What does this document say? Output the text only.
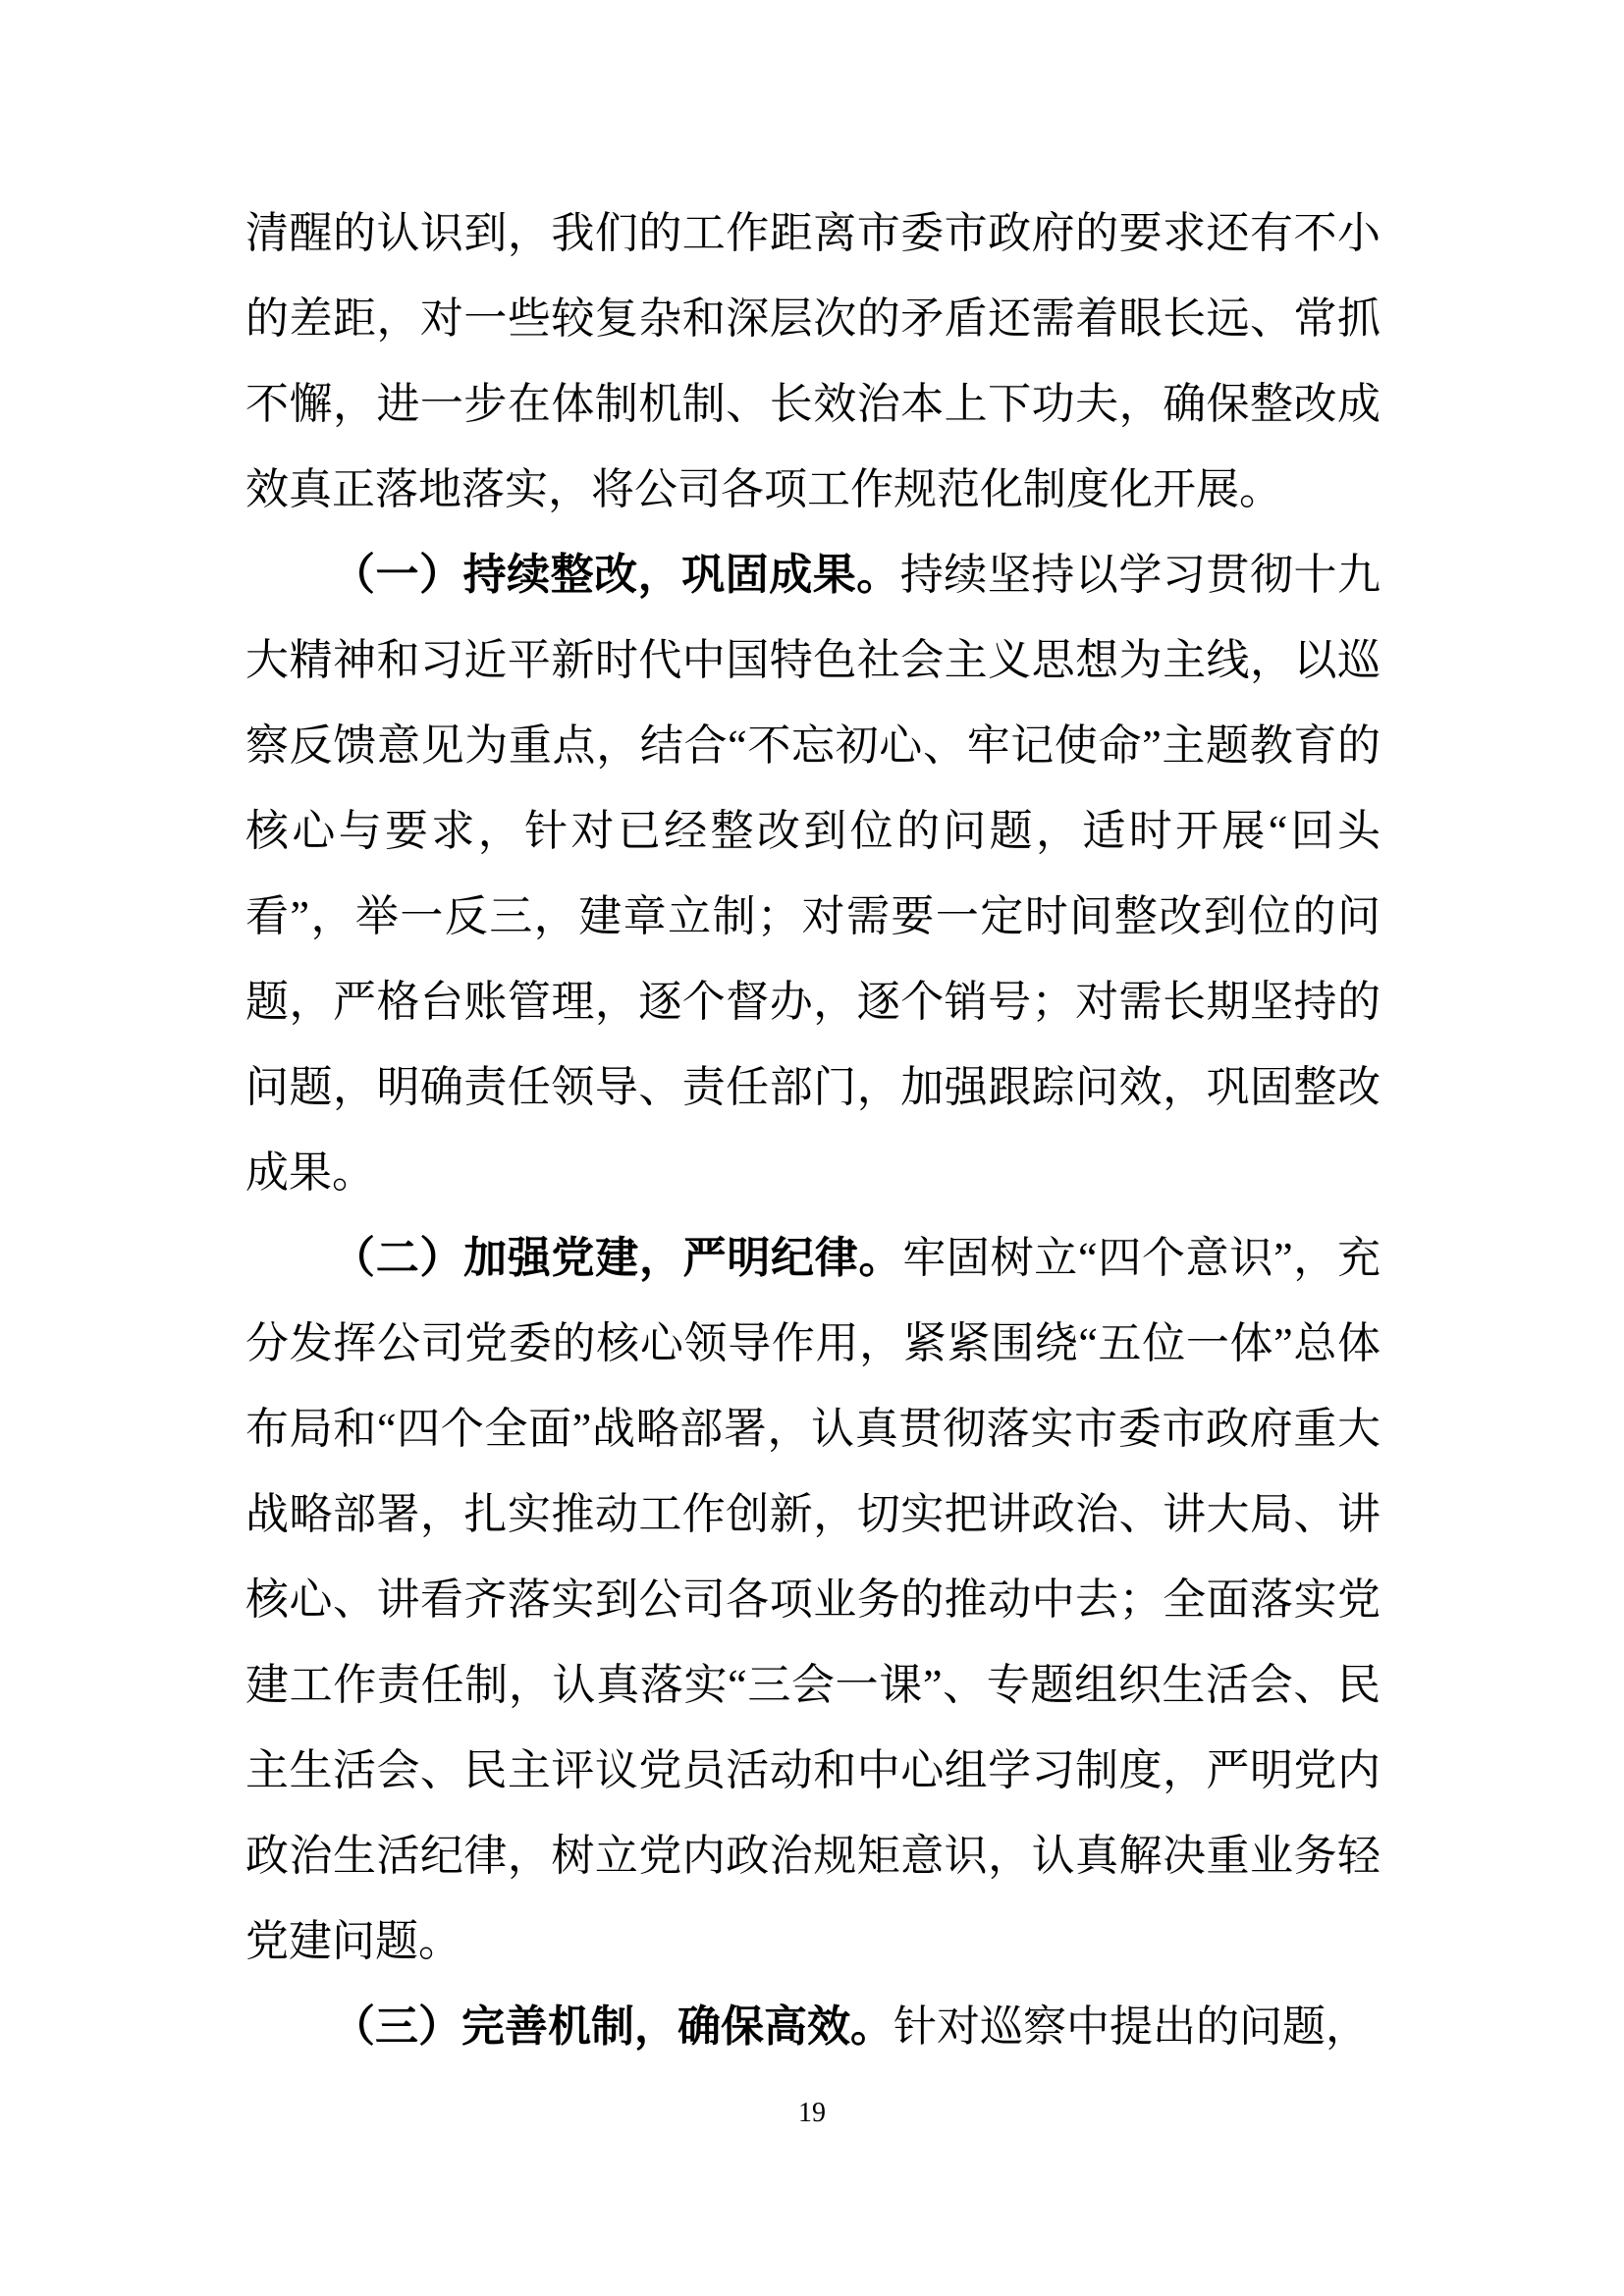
清醒的认识到，我们的工作距离市委市政府的要求还有不小的差距，对一些较复杂和深层次的矛盾还需着眼长远、常抓不懈，进一步在体制机制、长效治本上下功夫，确保整改成效真正落地落实，将公司各项工作规范化制度化开展。

（一）持续整改，巩固成果。持续坚持以学习贯彻十九大精神和习近平新时代中国特色社会主义思想为主线，以巡察反馈意见为重点，结合“不忘初心、牢记使命”主题教育的核心与要求，针对已经整改到位的问题，适时开展“回头看”，举一反三，建章立制；对需要一定时间整改到位的问题，严格台账管理，逐个督办，逐个销号；对需长期坚持的问题，明确责任领导、责任部门，加强跟踪问效，巩固整改成果。

（二）加强党建，严明纪律。牢固树立“四个意识”，充分发挥公司党委的核心领导作用，紧紧围绕“五位一体”总体布局和“四个全面”战略部署，认真贯彻落实市委市政府重大战略部署，扎实推动工作创新，切实把讲政治、讲大局、讲核心、讲看齐落实到公司各项业务的推动中去；全面落实党建工作责任制，认真落实“三会一课”、专题组织生活会、民主生活会、民主评议党员活动和中心组学习制度，严明党内政治生活纪律，树立党内政治规矩意识，认真解决重业务轻党建问题。

（三）完善机制，确保高效。针对巡察中提出的问题，

19
